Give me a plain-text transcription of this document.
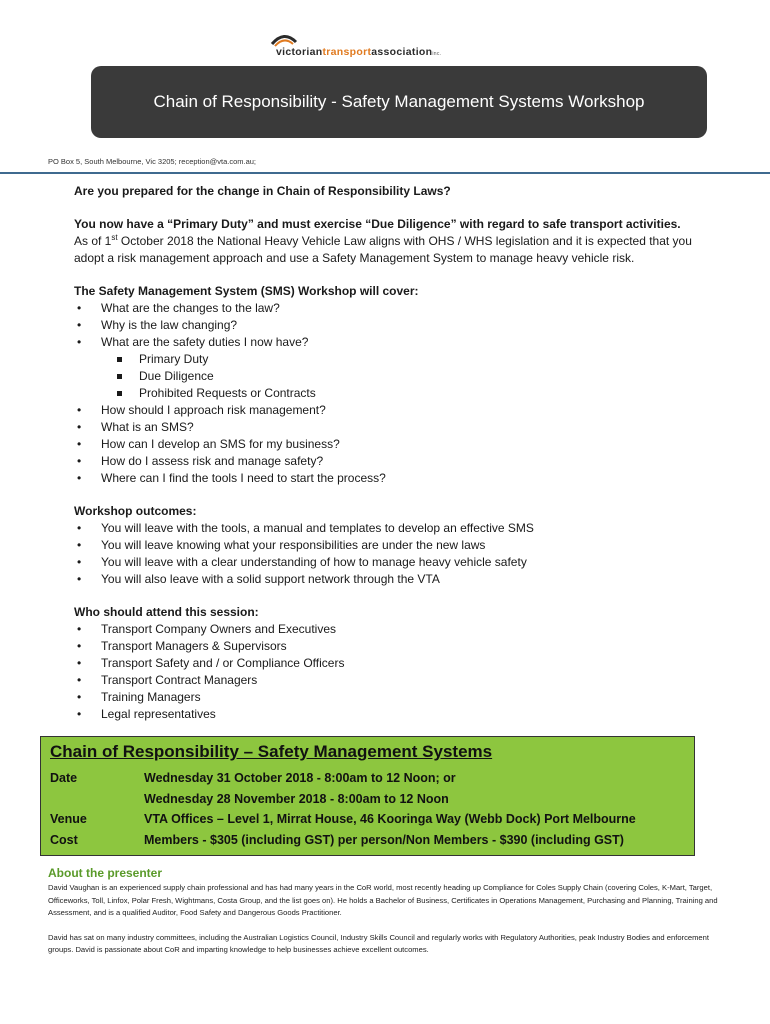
victoriantransportassociationinc.
Chain of Responsibility - Safety Management Systems Workshop
PO Box 5, South Melbourne, Vic 3205; reception@vta.com.au;

Are you prepared for the change in Chain of Responsibility Laws?

You now have a “Primary Duty” and must exercise “Due Diligence” with regard to safe transport activities.

As of 1st October 2018 the National Heavy Vehicle Law aligns with OHS / WHS legislation and it is expected that you adopt a risk management approach and use a Safety Management System to manage heavy vehicle risk.

The Safety Management System (SMS) Workshop will cover:

• What are the changes to the law?
• Why is the law changing?
• What are the safety duties I now have?
Primary Duty
Due Diligence
Prohibited Requests or Contracts
• How should I approach risk management?
• What is an SMS?
• How can I develop an SMS for my business?
• How do I assess risk and manage safety?
• Where can I find the tools I need to start the process?

Workshop outcomes:

• You will leave with the tools, a manual and templates to develop an effective SMS
• You will leave knowing what your responsibilities are under the new laws
• You will leave with a clear understanding of how to manage heavy vehicle safety
• You will also leave with a solid support network through the VTA

Who should attend this session:

• Transport Company Owners and Executives
• Transport Managers & Supervisors
• Transport Safety and / or Compliance Officers
• Transport Contract Managers
• Training Managers
• Legal representatives
Chain of Responsibility – Safety Management Systems
Date	Wednesday 31 October 2018 - 8:00am to 12 Noon; or
Wednesday 28 November 2018 - 8:00am to 12 Noon
Venue	VTA Offices – Level 1, Mirrat House, 46 Kooringa Way (Webb Dock) Port Melbourne
Cost	Members - $305 (including GST) per person/Non Members - $390 (including GST)
About the presenter

David Vaughan is an experienced supply chain professional and has had many years in the CoR world, most recently heading up Compliance for Coles Supply Chain (covering Coles, K-Mart, Target, Officeworks, Toll, Linfox, Polar Fresh, Wightmans, Costa Group, and the list goes on). He holds a Bachelor of Business, Certificates in Operations Management, Purchasing and Planning, Training and Assessment, and is a qualified Auditor, Food Safety and Dangerous Goods Practitioner.

David has sat on many industry committees, including the Australian Logistics Council, Industry Skills Council and regularly works with Regulatory Authorities, peak Industry Bodies and enforcement groups. David is passionate about CoR and imparting knowledge to help businesses achieve excellent outcomes.
